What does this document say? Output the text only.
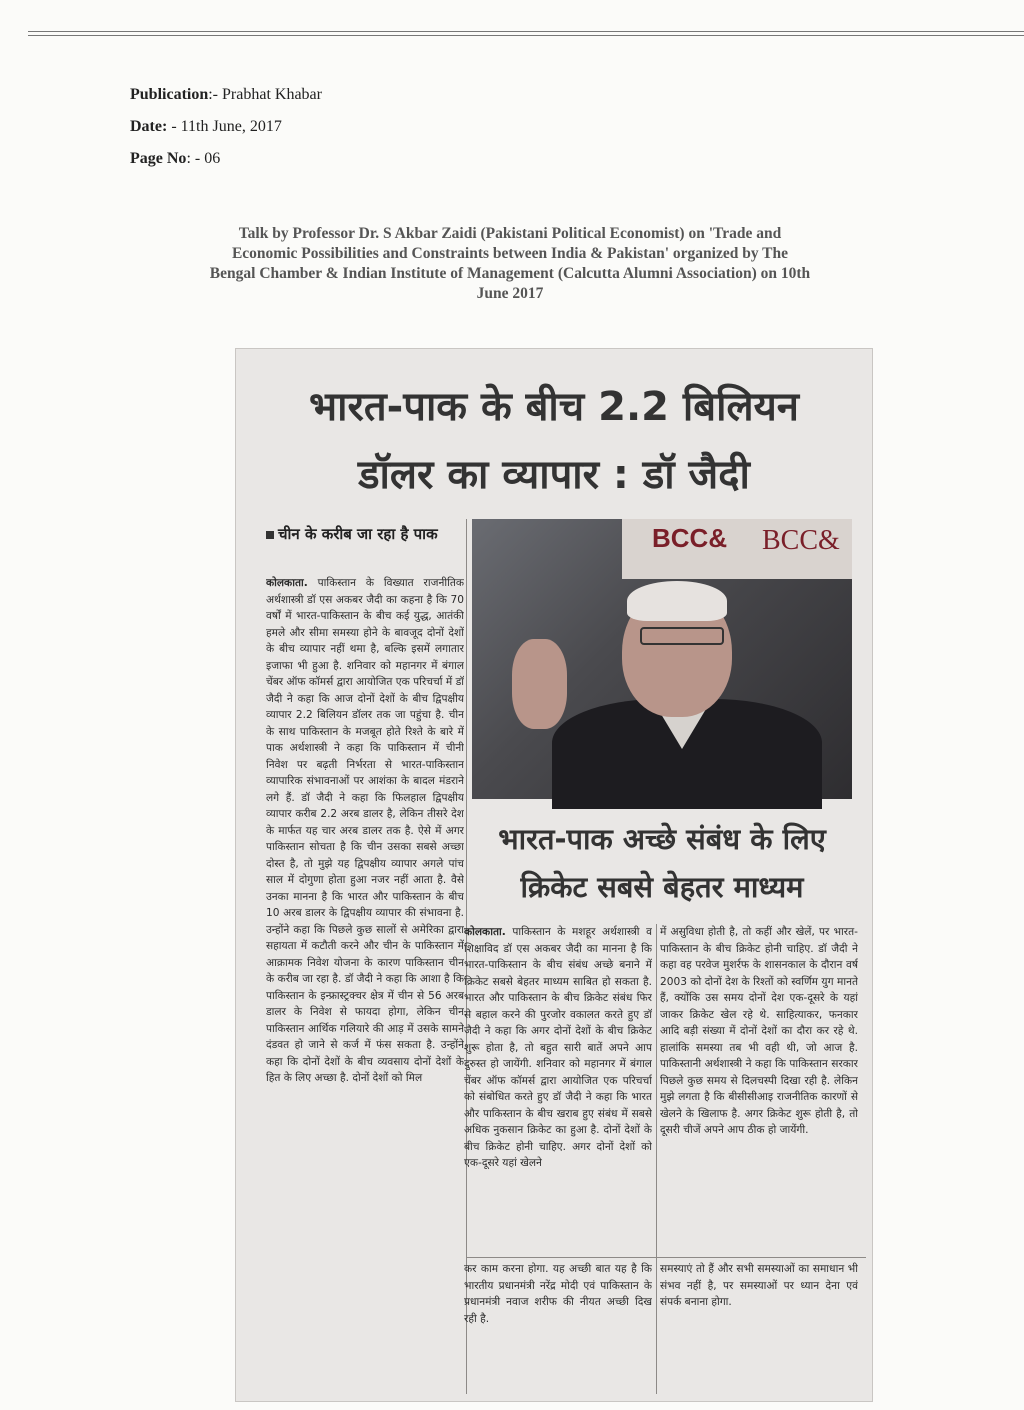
Publication:- Prabhat Khabar
Date: - 11th June, 2017
Page No: - 06
Talk by Professor Dr. S Akbar Zaidi (Pakistani Political Economist) on 'Trade and
Economic Possibilities and Constraints between India & Pakistan' organized by The
Bengal Chamber & Indian Institute of Management (Calcutta Alumni Association) on 10th
June 2017
भारत-पाक के बीच 2.2 बिलियन
डॉलर का व्यापार : डॉ जैदी
चीन के करीब जा रहा है पाक
कोलकाता. पाकिस्तान के विख्यात राजनीतिक अर्थशास्त्री डॉ एस अकबर जैदी का कहना है कि 70 वर्षों में भारत-पाकिस्तान के बीच कई युद्ध, आतंकी हमले और सीमा समस्या होने के बावजूद दोनों देशों के बीच व्यापार नहीं थमा है, बल्कि इसमें लगातार इजाफा भी हुआ है. शनिवार को महानगर में बंगाल चेंबर ऑफ कॉमर्स द्वारा आयोजित एक परिचर्चा में डॉ जैदी ने कहा कि आज दोनों देशों के बीच द्विपक्षीय व्यापार 2.2 बिलियन डॉलर तक जा पहुंचा है. चीन के साथ पाकिस्तान के मजबूत होते रिश्ते के बारे में पाक अर्थशास्त्री ने कहा कि पाकिस्तान में चीनी निवेश पर बढ़ती निर्भरता से भारत-पाकिस्तान व्यापारिक संभावनाओं पर आशंका के बादल मंडराने लगे हैं. डॉ जैदी ने कहा कि फिलहाल द्विपक्षीय व्यापार करीब 2.2 अरब डालर है, लेकिन तीसरे देश के मार्फत यह चार अरब डालर तक है. ऐसे में अगर पाकिस्तान सोचता है कि चीन उसका सबसे अच्छा दोस्त है, तो मुझे यह द्विपक्षीय व्यापार अगले पांच साल में दोगुणा होता हुआ नजर नहीं आता है. वैसे उनका मानना है कि भारत और पाकिस्तान के बीच 10 अरब डालर के द्विपक्षीय व्यापार की संभावना है. उन्होंने कहा कि पिछले कुछ सालों से अमेरिका द्वारा सहायता में कटौती करने और चीन के पाकिस्तान में आक्रामक निवेश योजना के कारण पाकिस्तान चीन के करीब जा रहा है. डॉ जैदी ने कहा कि आशा है कि पाकिस्तान के इन्फ्रास्ट्रक्चर क्षेत्र में चीन से 56 अरब डालर के निवेश से फायदा होगा, लेकिन चीन पाकिस्तान आर्थिक गलियारे की आड़ में उसके सामने दंडवत हो जाने से कर्ज में फंस सकता है. उन्होंने कहा कि दोनों देशों के बीच व्यवसाय दोनों देशों के हित के लिए अच्छा है. दोनों देशों को मिल
BCC& BCC&
भारत-पाक अच्छे संबंध के लिए
क्रिकेट सबसे बेहतर माध्यम
कोलकाता. पाकिस्तान के मशहूर अर्थशास्त्री व शिक्षाविद डॉ एस अकबर जैदी का मानना है कि भारत-पाकिस्तान के बीच संबंध अच्छे बनाने में क्रिकेट सबसे बेहतर माध्यम साबित हो सकता है. भारत और पाकिस्तान के बीच क्रिकेट संबंध फिर से बहाल करने की पुरजोर वकालत करते हुए डॉ जैदी ने कहा कि अगर दोनों देशों के बीच क्रिकेट शुरू होता है, तो बहुत सारी बातें अपने आप दुरुस्त हो जायेंगी. शनिवार को महानगर में बंगाल चेंबर ऑफ कॉमर्स द्वारा आयोजित एक परिचर्चा को संबोधित करते हुए डॉ जैदी ने कहा कि भारत और पाकिस्तान के बीच खराब हुए संबंध में सबसे अधिक नुकसान क्रिकेट का हुआ है. दोनों देशों के बीच क्रिकेट होनी चाहिए. अगर दोनों देशों को एक-दूसरे यहां खेलने
में असुविधा होती है, तो कहीं और खेलें, पर भारत-पाकिस्तान के बीच क्रिकेट होनी चाहिए. डॉ जैदी ने कहा वह परवेज मुशर्रफ के शासनकाल के दौरान वर्ष 2003 को दोनों देश के रिश्तों को स्वर्णिम युग मानते हैं, क्योंकि उस समय दोनों देश एक-दूसरे के यहां जाकर क्रिकेट खेल रहे थे. साहित्याकर, फनकार आदि बड़ी संख्या में दोनों देशों का दौरा कर रहे थे. हालांकि समस्या तब भी वही थी, जो आज है. पाकिस्तानी अर्थशास्त्री ने कहा कि पाकिस्तान सरकार पिछले कुछ समय से दिलचस्पी दिखा रही है. लेकिन मुझे लगता है कि बीसीसीआइ राजनीतिक कारणों से खेलने के खिलाफ है. अगर क्रिकेट शुरू होती है, तो दूसरी चीजें अपने आप ठीक हो जायेंगी.
कर काम करना होगा. यह अच्छी बात यह है कि भारतीय प्रधानमंत्री नरेंद्र मोदी एवं पाकिस्तान के प्रधानमंत्री नवाज शरीफ की नीयत अच्छी दिख रही है.
समस्याएं तो हैं और सभी समस्याओं का समाधान भी संभव नहीं है, पर समस्याओं पर ध्यान देना एवं संपर्क बनाना होगा.
